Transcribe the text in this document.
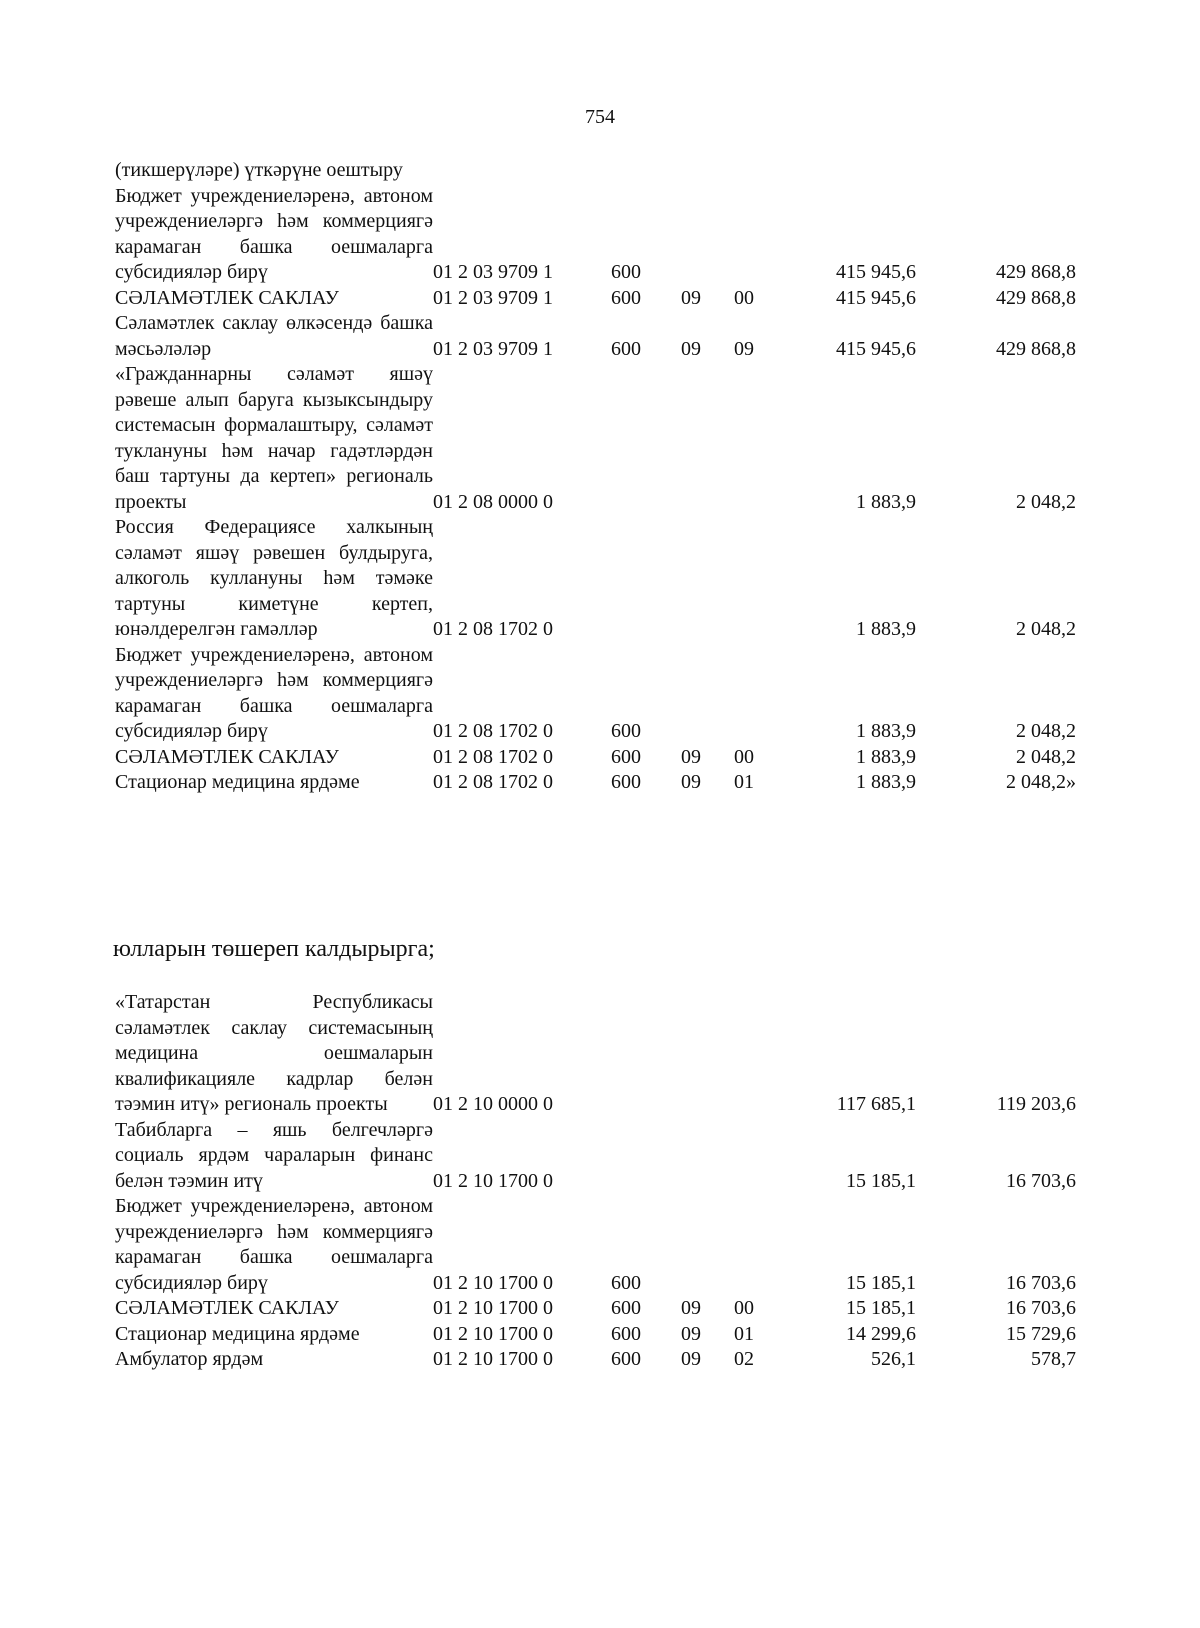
754
(тикшерүләре) үткәрүне оештыру						
Бюджет учреждениеләренә, автоном учреждениеләргә һәм коммерциягә карамаган башка оешмаларга субсидияләр бирү	01 2 03 9709 1	600			415 945,6	429 868,8
СӘЛАМӘТЛЕК САКЛАУ	01 2 03 9709 1	600	09	00	415 945,6	429 868,8
Сәламәтлек саклау өлкәсендә башка мәсьәләләр	01 2 03 9709 1	600	09	09	415 945,6	429 868,8
«Гражданнарны сәламәт яшәү рәвеше алып баруга кызыксындыру системасын формалаштыру, сәламәт туклануны һәм начар гадәтләрдән баш тартуны да кертеп» региональ проекты	01 2 08 0000 0				1 883,9	2 048,2
Россия Федерациясе халкының сәламәт яшәү рәвешен булдыруга, алкоголь куллануны һәм тәмәке тартуны киметүне кертеп, юнәлдерелгән гамәлләр	01 2 08 1702 0				1 883,9	2 048,2
Бюджет учреждениеләренә, автоном учреждениеләргә һәм коммерциягә карамаган башка оешмаларга субсидияләр бирү	01 2 08 1702 0	600			1 883,9	2 048,2
СӘЛАМӘТЛЕК САКЛАУ	01 2 08 1702 0	600	09	00	1 883,9	2 048,2
Стационар медицина ярдәме	01 2 08 1702 0	600	09	01	1 883,9	2 048,2»
юлларын төшереп калдырырга;
«Татарстан Республикасы сәламәтлек саклау системасының медицина оешмаларын квалификацияле кадрлар белән тәэмин итү» региональ проекты	01 2 10 0000 0				117 685,1	119 203,6
Табибларга – яшь белгечләргә социаль ярдәм чараларын финанс белән тәэмин итү	01 2 10 1700 0				15 185,1	16 703,6
Бюджет учреждениеләренә, автоном учреждениеләргә һәм коммерциягә карамаган башка оешмаларга субсидияләр бирү	01 2 10 1700 0	600			15 185,1	16 703,6
СӘЛАМӘТЛЕК САКЛАУ	01 2 10 1700 0	600	09	00	15 185,1	16 703,6
Стационар медицина ярдәме	01 2 10 1700 0	600	09	01	14 299,6	15 729,6
Амбулатор ярдәм	01 2 10 1700 0	600	09	02	526,1	578,7
